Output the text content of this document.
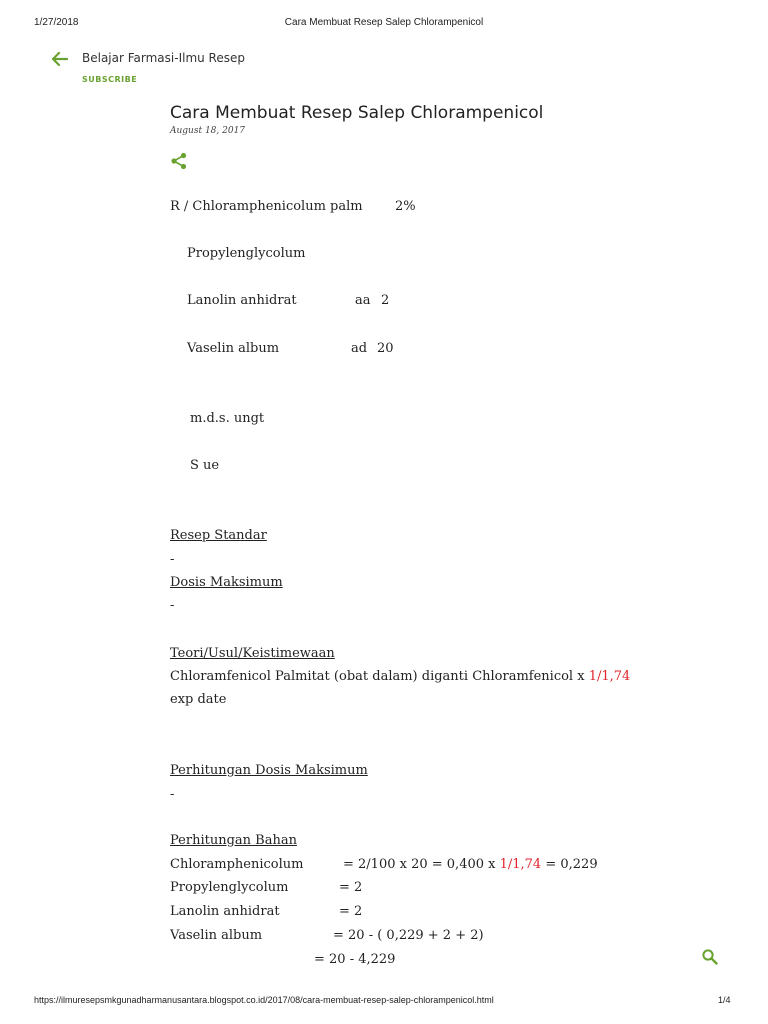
1/27/2018	Cara Membuat Resep Salep Chlorampenicol
Belajar Farmasi-Ilmu Resep
SUBSCRIBE
Cara Membuat Resep Salep Chlorampenicol
August 18, 2017
R / Chloramphenicolum palm 2%
Propylenglycolum
Lanolin anhidrat	aa 2
Vaselin album	ad 20
m.d.s. ungt
S ue
Resep Standar
-
Dosis Maksimum
-
Teori/Usul/Keistimewaan
Chloramfenicol Palmitat (obat dalam) diganti Chloramfenicol x 1/1,74
exp date
Perhitungan Dosis Maksimum
-
Perhitungan Bahan
Chloramphenicolum	= 2/100 x 20 = 0,400 x 1/1,74 = 0,229
Propylenglycolum	= 2
Lanolin anhidrat	= 2
Vaselin album	= 20 - ( 0,229 + 2 + 2)
= 20 - 4,229
https://ilmuresepsmkgunadharmanusantara.blogspot.co.id/2017/08/cara-membuat-resep-salep-chlorampenicol.html	1/4
